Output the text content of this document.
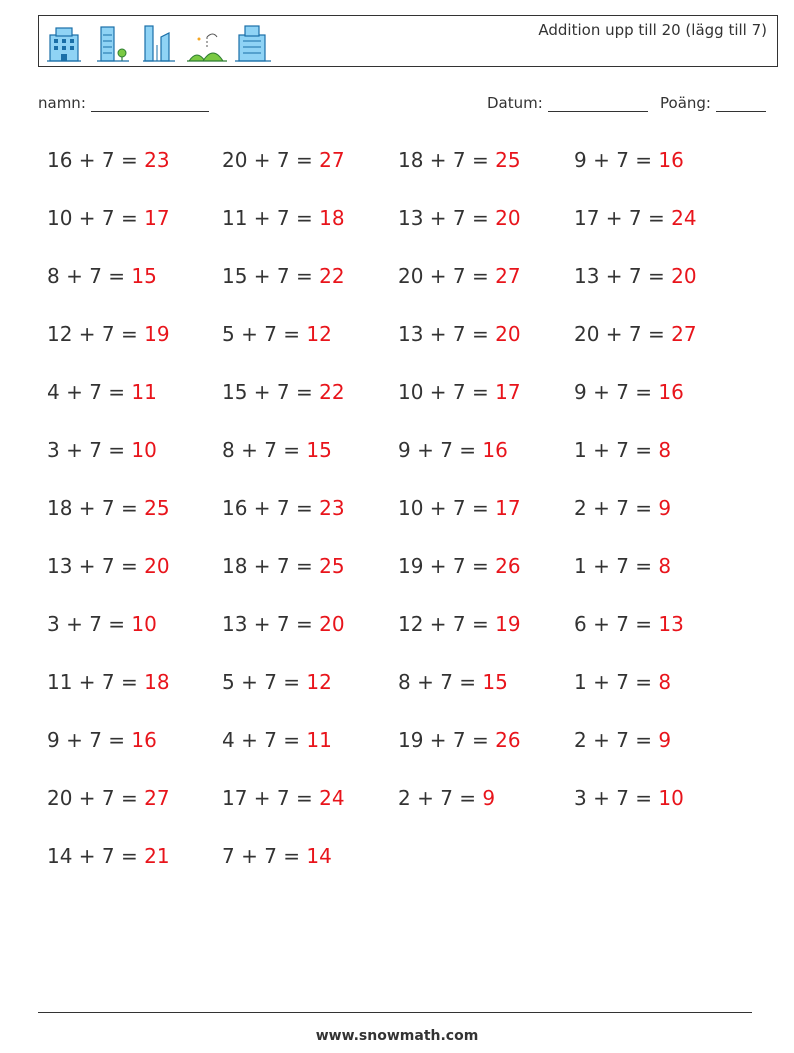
Addition upp till 20 (lägg till 7)
namn:	Datum:	Poäng:
16 + 7 = 23	20 + 7 = 27	18 + 7 = 25	9 + 7 = 16
10 + 7 = 17	11 + 7 = 18	13 + 7 = 20	17 + 7 = 24
8 + 7 = 15	15 + 7 = 22	20 + 7 = 27	13 + 7 = 20
12 + 7 = 19	5 + 7 = 12	13 + 7 = 20	20 + 7 = 27
4 + 7 = 11	15 + 7 = 22	10 + 7 = 17	9 + 7 = 16
3 + 7 = 10	8 + 7 = 15	9 + 7 = 16	1 + 7 = 8
18 + 7 = 25	16 + 7 = 23	10 + 7 = 17	2 + 7 = 9
13 + 7 = 20	18 + 7 = 25	19 + 7 = 26	1 + 7 = 8
3 + 7 = 10	13 + 7 = 20	12 + 7 = 19	6 + 7 = 13
11 + 7 = 18	5 + 7 = 12	8 + 7 = 15	1 + 7 = 8
9 + 7 = 16	4 + 7 = 11	19 + 7 = 26	2 + 7 = 9
20 + 7 = 27	17 + 7 = 24	2 + 7 = 9	3 + 7 = 10
14 + 7 = 21	7 + 7 = 14
www.snowmath.com
